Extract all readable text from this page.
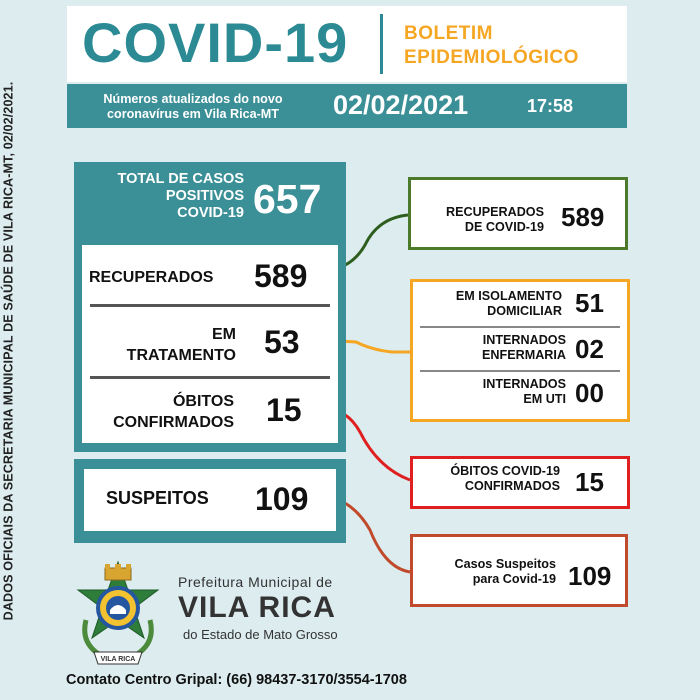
DADOS OFICIAIS DA SECRETARIA MUNICIPAL DE SAÚDE DE VILA RICA-MT, 02/02/2021.
COVID-19	BOLETIM
EPIDEMIOLÓGICO
Números atualizados do novo
coronavírus em Vila Rica-MT	02/02/2021	17:58
TOTAL DE CASOS
POSITIVOS
COVID-19 657
RECUPERADOS 589
EM
TRATAMENTO 53
ÓBITOS
CONFIRMADOS 15
SUSPEITOS 109
RECUPERADOS
DE COVID-19 589
EM ISOLAMENTO
DOMICILIAR 51
INTERNADOS
ENFERMARIA 02
INTERNADOS
EM UTI 00
ÓBITOS COVID-19
CONFIRMADOS 15
Casos Suspeitos
para Covid-19 109
VILA RICA
Prefeitura Municipal de
VILA RICA
do Estado de Mato Grosso
Contato Centro Gripal: (66) 98437-3170/3554-1708
